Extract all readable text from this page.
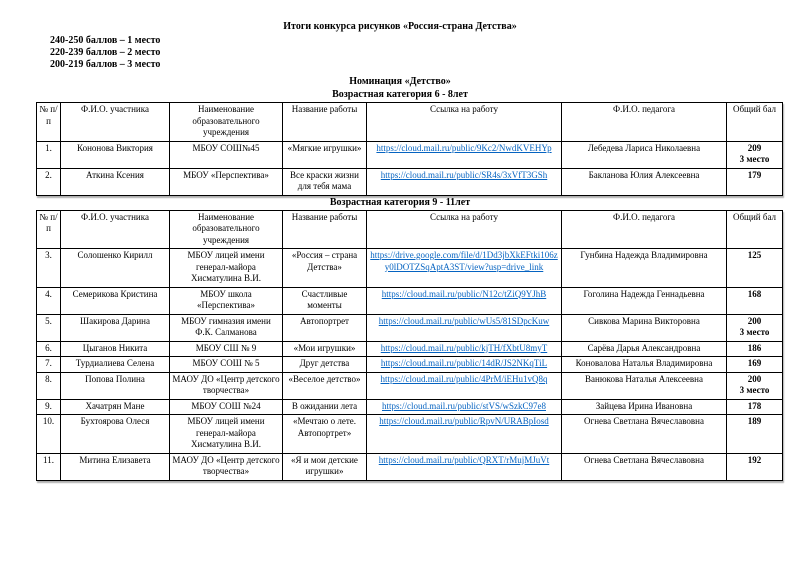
Итоги конкурса рисунков «Россия-страна Детства»
240-250 баллов – 1 место
220-239 баллов – 2 место
200-219 баллов – 3 место
Номинация «Детство»
Возрастная категория 6 - 8лет
№ п/п	Ф.И.О. участника	Наименование образовательного учреждения	Название работы	Ссылка на работу	Ф.И.О. педагога	Общий бал
1.	Кононова Виктория	МБОУ СОШ№45	«Мягкие игрушки»	https://cloud.mail.ru/public/9Kc2/NwdKVEHYp	Лебедева Лариса Николаевна	209
3 место

2.	Аткина Ксения	МБОУ «Перспектива»	Все краски жизни для тебя мама	https://cloud.mail.ru/public/SR4s/3xVfT3GSh	Бакланова Юлия Алексеевна	179
Возрастная категория 9 - 11лет
№ п/п	Ф.И.О. участника	Наименование образовательного учреждения	Название работы	Ссылка на работу	Ф.И.О. педагога	Общий бал
3.	Солошенко Кирилл	МБОУ лицей имени генерал-майора Хисматулина В.И.	«Россия – страна Детства»	https://drive.google.com/file/d/1Dd3jbXkEFtki106zy0lDOTZSqAptA3ST/view?usp=drive_link	Гунбина Надежда Владимировна	125

4.	Семерикова Кристина	МБОУ школа «Перспектива»	Счастливые моменты	https://cloud.mail.ru/public/N12c/tZiQ9YJhB	Гоголина Надежда Геннадьевна	168

5.	Шакирова Дарина	МБОУ гимназия имени Ф.К. Салманова	Автопортрет	https://cloud.mail.ru/public/wUs5/81SDpcKuw	Сивкова Марина Викторовна	200
3 место

6.	Цыганов Никита	МБОУ СШ № 9	«Мои игрушки»	https://cloud.mail.ru/public/kjTH/fXbtU8myT	Сарёва Дарья Александровна	186

7.	Турдиалиева Селена	МБОУ СОШ № 5	Друг детства	https://cloud.mail.ru/public/14dR/JS2NKqTiL	Коновалова Наталья Владимировна	169

8.	Попова Полина	МАОУ ДО «Центр детского творчества»	«Веселое детство»	https://cloud.mail.ru/public/4PrM/iEHu1vQ8q	Ванюкова Наталья Алексеевна	200
3 место

9.	Хачатрян Мане	МБОУ СОШ №24	В ожидании лета	https://cloud.mail.ru/public/stVS/wSzkC97e8	Зайцева Ирина Ивановна	178

10.	Бухтоярова Олеся	МБОУ лицей имени генерал-майора Хисматулина В.И.	«Мечтаю о лете. Автопортрет»	https://cloud.mail.ru/public/RpvN/URABpIosd	Огнева Светлана Вячеславовна	189

11.	Митина Елизавета	МАОУ ДО «Центр детского творчества»	«Я и мои детские игрушки»	https://cloud.mail.ru/public/QRXT/rMujMJuVt	Огнева Светлана Вячеславовна	192
